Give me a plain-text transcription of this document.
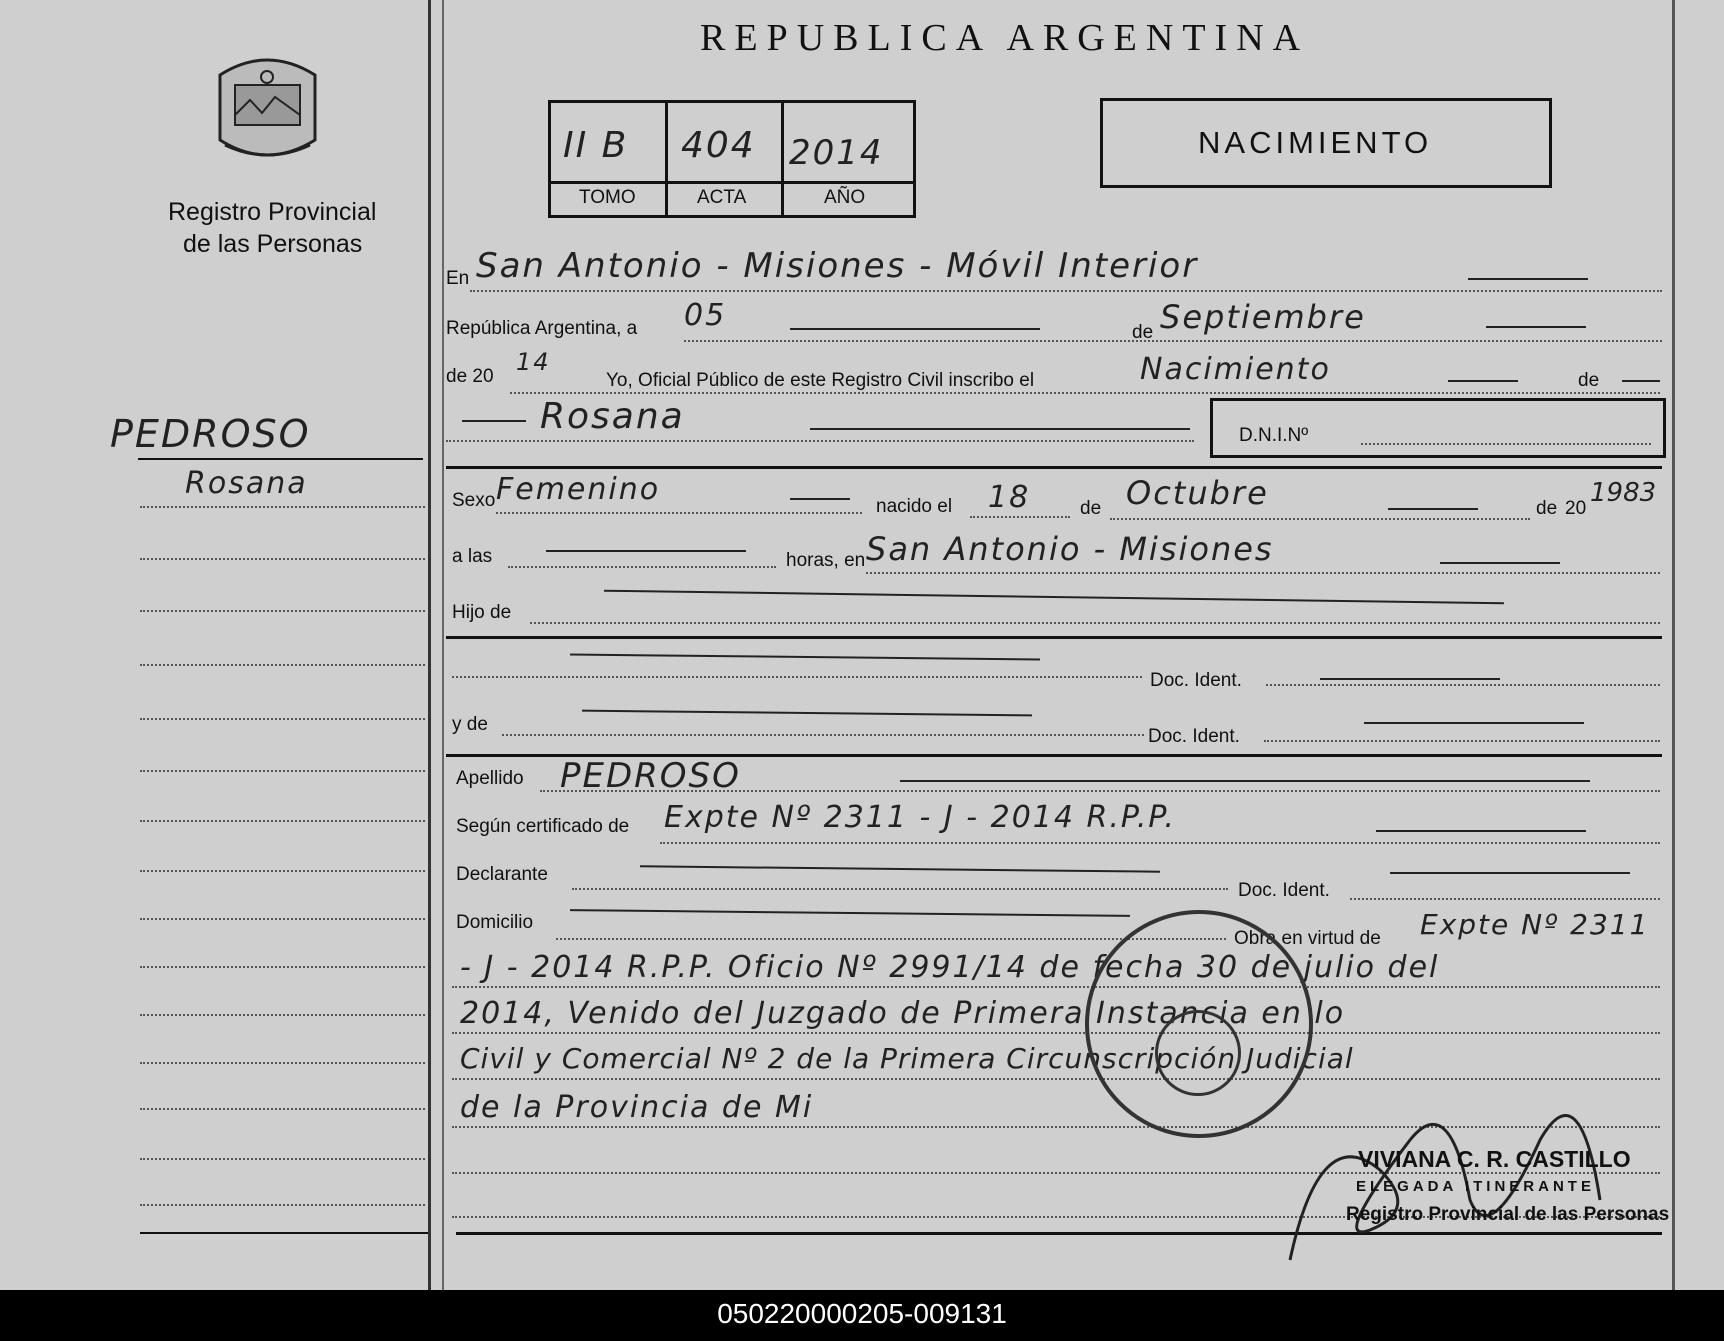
Registro Provincial
de las Personas
PEDROSO
Rosana
REPUBLICA ARGENTINA
II B 404 2014
TOMO	ACTA	AÑO
NACIMIENTO
En San Antonio - Misiones - Móvil Interior
República Argentina, a 05	de Septiembre
de 20
14
Yo, Oficial Público de este Registro Civil inscribo el	Nacimiento	de
Rosana	D.N.I.Nº
Sexo Femenino	nacido el 18	de Octubre	de 20
1983
a las	horas, en San Antonio - Misiones
Hijo de
Doc. Ident.
y de
Doc. Ident.
Apellido PEDROSO
Según certificado de Expte Nº 2311 - J - 2014 R.P.P.
Declarante
Doc. Ident.
Domicilio
Obra en virtud de Expte Nº 2311
- J - 2014 R.P.P. Oficio Nº 2991/14 de fecha 30 de julio del
2014, Venido del Juzgado de Primera Instancia en lo
Civil y Comercial Nº 2 de la Primera Circunscripción Judicial
de la Provincia de Mi
VIVIANA C. R. CASTILLO
ELEGADA ITINERANTE
Registro Provincial de las Personas
050220000205-009131
